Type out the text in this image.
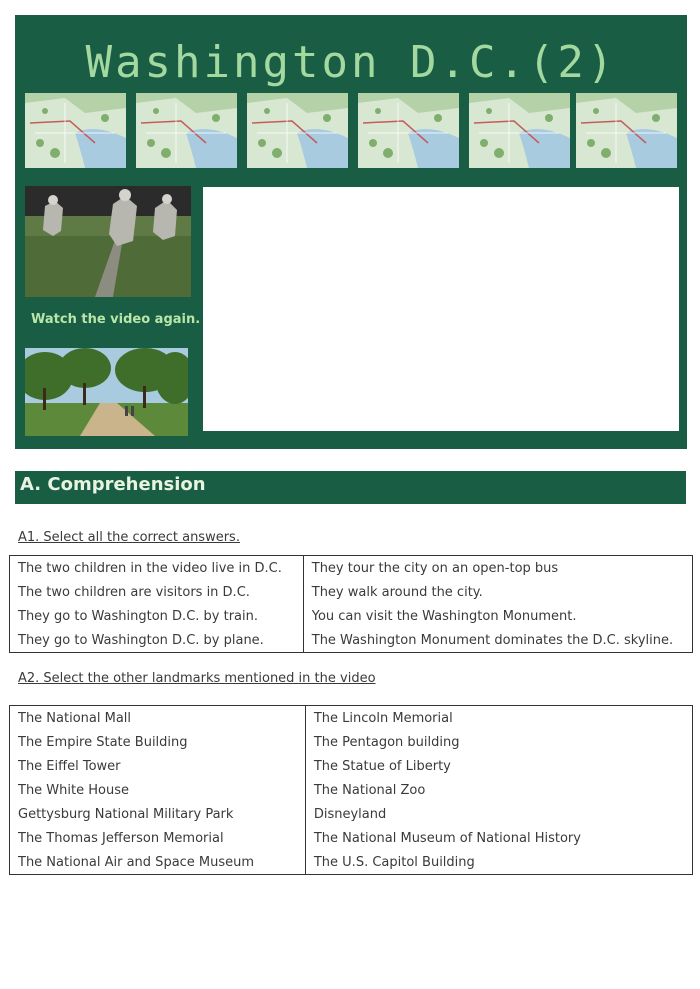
Washington D.C.(2)
Watch the video again.
A. Comprehension
A1. Select all the correct answers.
The two children in the video live in D.C.	They tour the city on an open-top bus
The two children are visitors in D.C.	They walk around the city.
They go to Washington D.C. by train.	You can visit the Washington Monument.
They go to Washington D.C. by plane.	The Washington Monument dominates the D.C. skyline.
A2. Select the other landmarks mentioned in the video
The National Mall	The Lincoln Memorial
The Empire State Building	The Pentagon building
The Eiffel Tower	The Statue of Liberty
The White House	The National Zoo
Gettysburg National Military Park	Disneyland
The Thomas Jefferson Memorial	The National Museum of National History
The National Air and Space Museum	The U.S. Capitol Building
